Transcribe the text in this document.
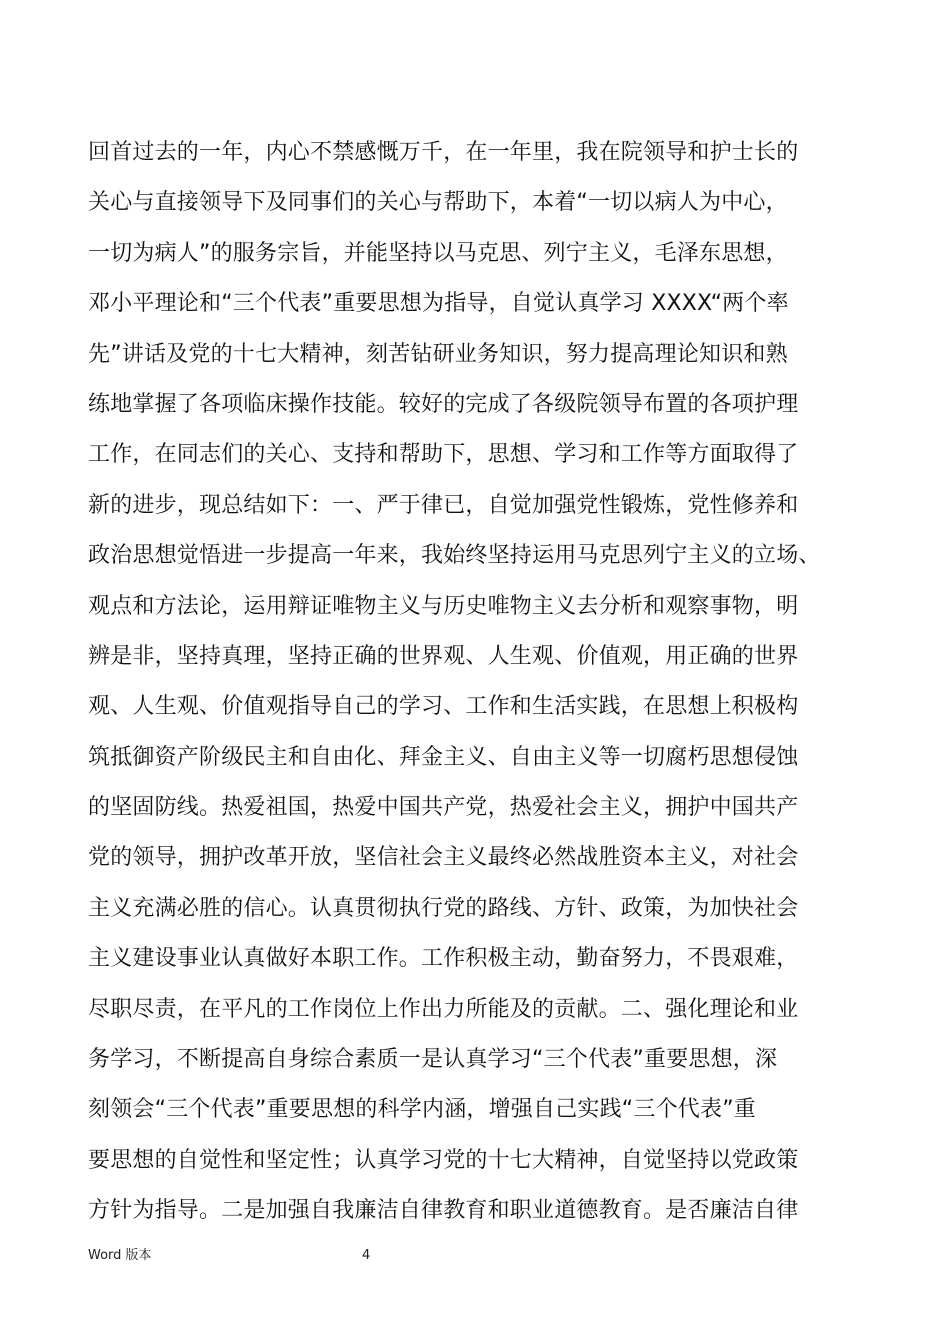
回首过去的一年，内心不禁感慨万千，在一年里，我在院领导和护士长的
关心与直接领导下及同事们的关心与帮助下，本着“一切以病人为中心，
一切为病人”的服务宗旨，并能坚持以马克思、列宁主义，毛泽东思想，
邓小平理论和“三个代表”重要思想为指导，自觉认真学习 XXXX“两个率
先”讲话及党的十七大精神，刻苦钻研业务知识，努力提高理论知识和熟
练地掌握了各项临床操作技能。较好的完成了各级院领导布置的各项护理
工作，在同志们的关心、支持和帮助下，思想、学习和工作等方面取得了
新的进步，现总结如下：一、严于律已，自觉加强党性锻炼，党性修养和
政治思想觉悟进一步提高一年来，我始终坚持运用马克思列宁主义的立场、
观点和方法论，运用辩证唯物主义与历史唯物主义去分析和观察事物，明
辨是非，坚持真理，坚持正确的世界观、人生观、价值观，用正确的世界
观、人生观、价值观指导自己的学习、工作和生活实践，在思想上积极构
筑抵御资产阶级民主和自由化、拜金主义、自由主义等一切腐朽思想侵蚀
的坚固防线。热爱祖国，热爱中国共产党，热爱社会主义，拥护中国共产
党的领导，拥护改革开放，坚信社会主义最终必然战胜资本主义，对社会
主义充满必胜的信心。认真贯彻执行党的路线、方针、政策，为加快社会
主义建设事业认真做好本职工作。工作积极主动，勤奋努力，不畏艰难，
尽职尽责，在平凡的工作岗位上作出力所能及的贡献。二、强化理论和业
务学习，不断提高自身综合素质一是认真学习“三个代表”重要思想，深
刻领会“三个代表”重要思想的科学内涵，增强自己实践“三个代表”重
要思想的自觉性和坚定性；认真学习党的十七大精神，自觉坚持以党政策
方针为指导。二是加强自我廉洁自律教育和职业道德教育。是否廉洁自律
Word 版本	4
